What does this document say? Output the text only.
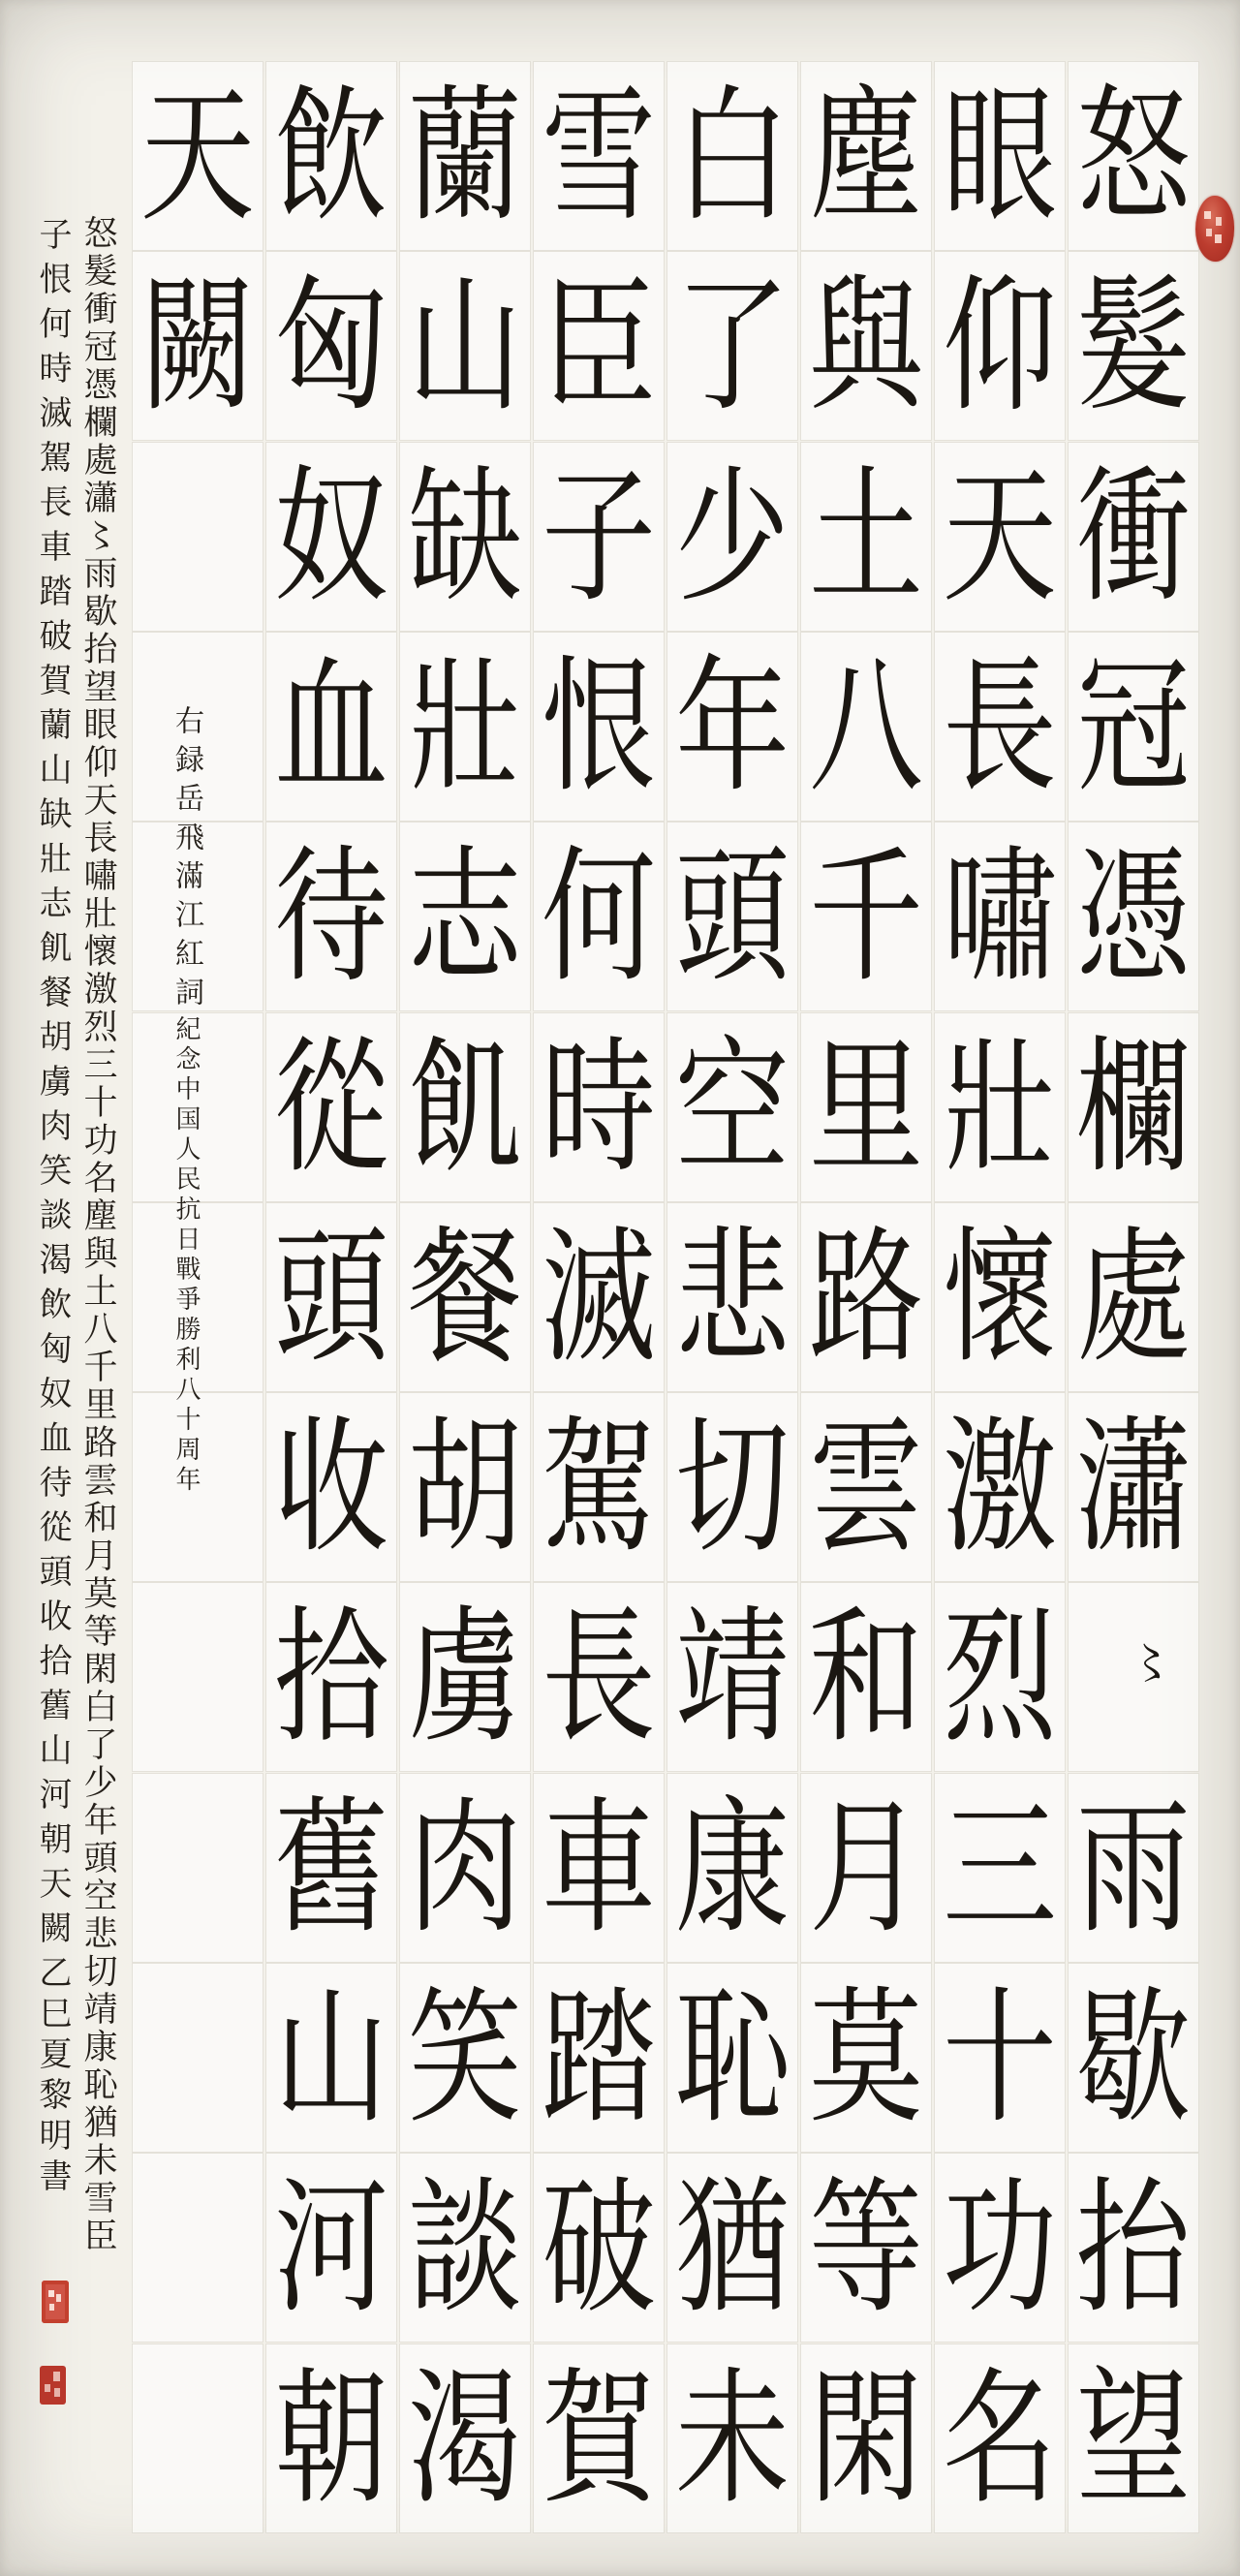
怒
髮
衝
冠
憑
欄
處
瀟
〻
雨
歇
抬
望
眼
仰
天
長
嘯
壯
懷
激
烈
三
十
功
名
塵
與
土
八
千
里
路
雲
和
月
莫
等
閑
白
了
少
年
頭
空
悲
切
靖
康
恥
猶
未
雪
臣
子
恨
何
時
滅
駕
長
車
踏
破
賀
蘭
山
缺
壯
志
飢
餐
胡
虜
肉
笑
談
渴
飲
匈
奴
血
待
從
頭
收
拾
舊
山
河
朝
天
闕
右録岳飛滿江紅詞紀念中国人民抗日戰爭勝利八十周年
怒髮衝冠憑欄處瀟〻雨歇抬望眼仰天長嘯壯懷激烈三十功名塵與土八千里路雲和月莫等閑白了少年頭空悲切靖康恥猶未雪臣
子恨何時滅駕長車踏破賀蘭山缺壯志飢餐胡虜肉笑談渴飲匈奴血待從頭收拾舊山河朝天闕乙巳夏黎明書
